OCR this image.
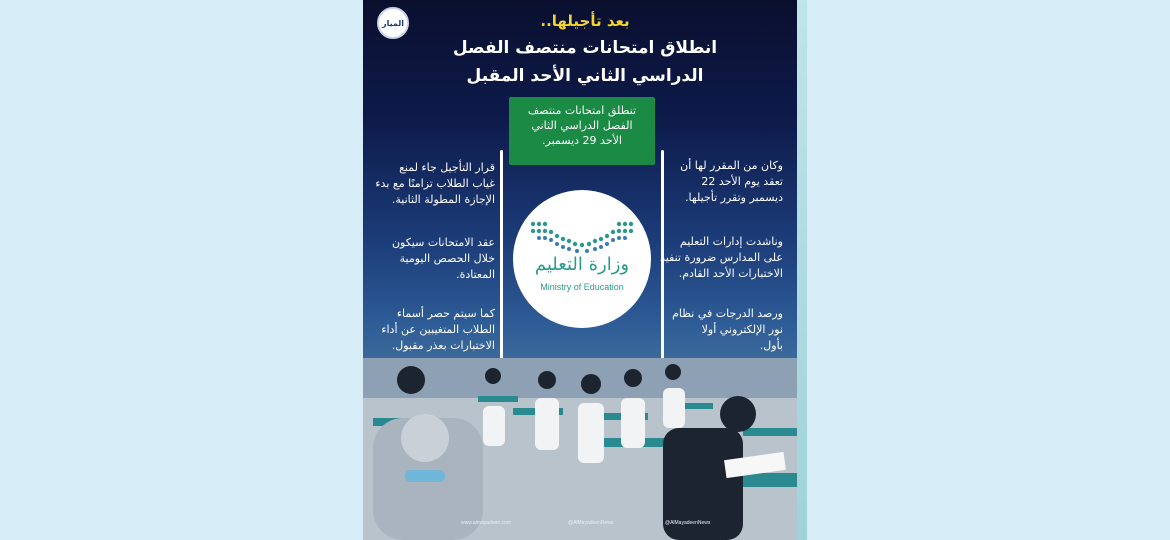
الميار	بعد تأجيلها..
انطلاق امتحانات منتصف الفصل
الدراسي الثاني الأحد المقبل
تنطلق امتحانات منتصف
الفصل الدراسي الثاني
الأحد 29 ديسمبر.

قرار التأجيل جاء لمنع

غياب الطلاب تزامنًا مع بدء

الإجازة المطولة الثانية.

عقد الامتحانات سيكون

خلال الحصص اليومية

المعتادة.

كما سيتم حصر أسماء

الطلاب المتغيبين عن أداء

الاختبارات بعذر مقبول.

وكان من المقرر لها أن

تعقد يوم الأحد 22

ديسمبر وتقرر تأجيلها.

وناشدت إدارات التعليم

على المدارس ضرورة تنفيذ

الاختبارات الأحد القادم.

ورصد الدرجات في نظام

نور الإلكتروني أولا

بأول.

وزارة التعليم
Ministry of Education
www.almayadeen.com	@AlMayadeenNews	@AlMayadeenNews
